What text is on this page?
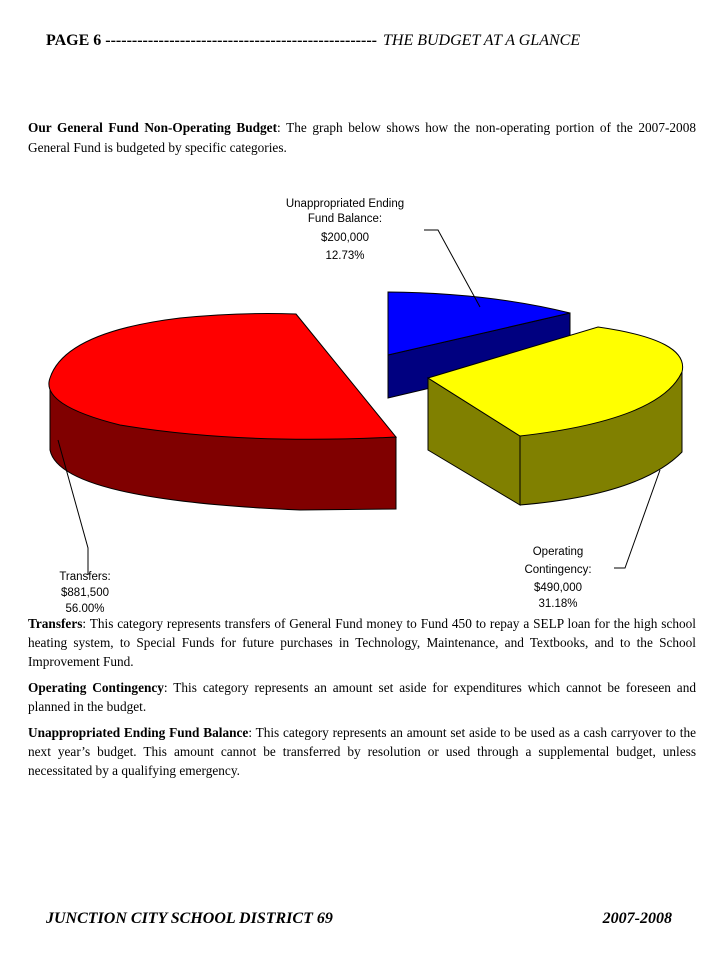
PAGE 6 --------------------------------------------------- THE BUDGET AT A GLANCE
Our General Fund Non-Operating Budget: The graph below shows how the non-operating portion of the 2007-2008 General Fund is budgeted by specific categories.
Unappropriated Ending
Fund Balance:
$200,000
12.73%
Operating
Contingency:
$490,000
31.18%
Transfers:
$881,500
56.00%

Transfers: This category represents transfers of General Fund money to Fund 450 to repay a SELP loan for the high school heating system, to Special Funds for future purchases in Technology, Maintenance, and Textbooks, and to the School Improvement Fund.

Operating Contingency: This category represents an amount set aside for expenditures which cannot be foreseen and planned in the budget.

Unappropriated Ending Fund Balance: This category represents an amount set aside to be used as a cash carryover to the next year’s budget. This amount cannot be transferred by resolution or used through a supplemental budget, unless necessitated by a qualifying emergency.

JUNCTION CITY SCHOOL DISTRICT 69	2007-2008
